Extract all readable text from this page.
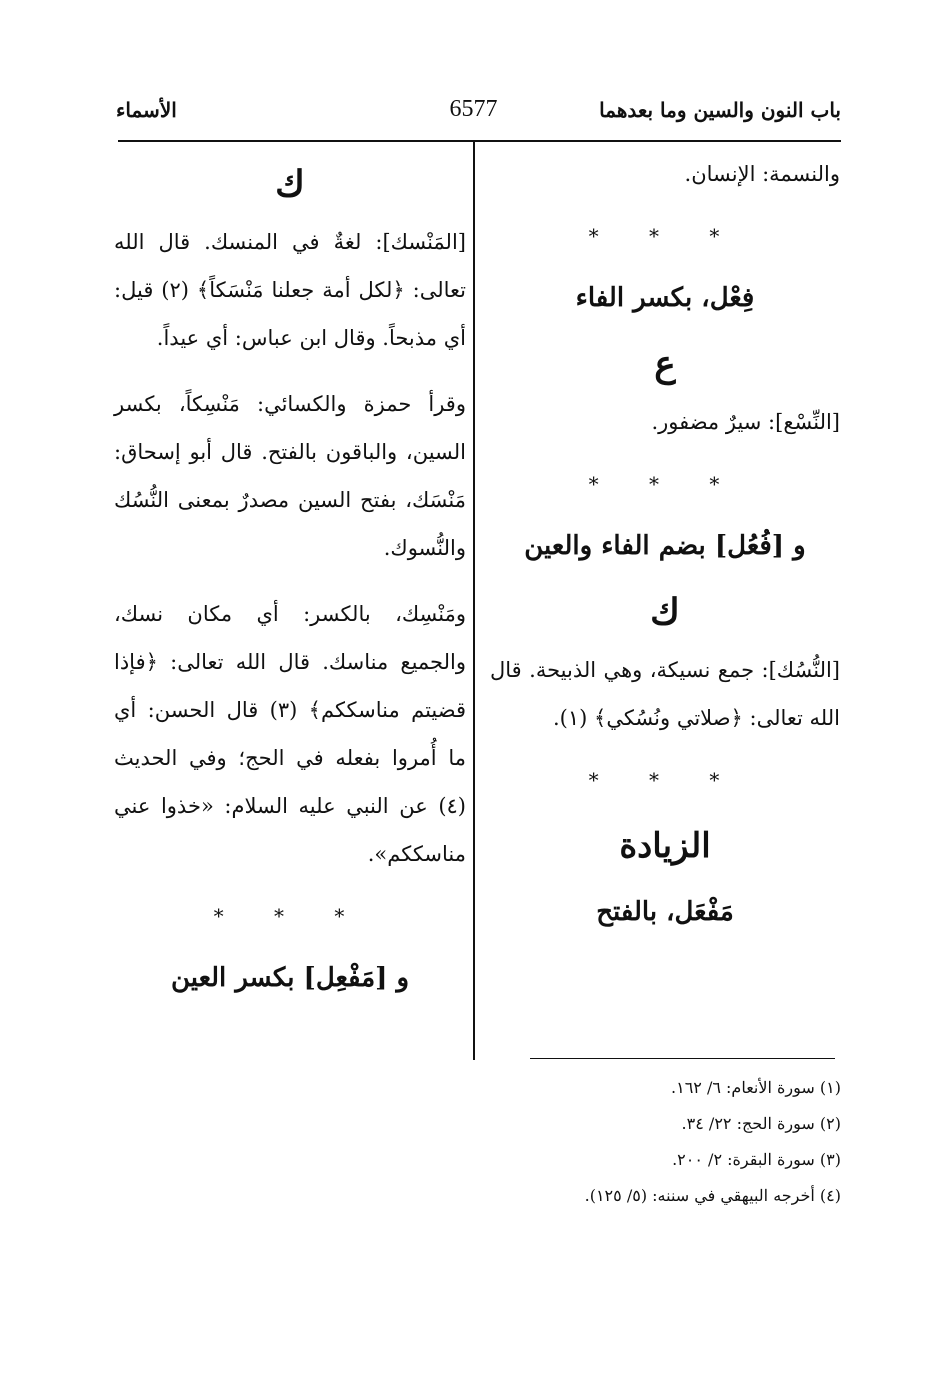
باب النون والسين وما بعدهما
6577
الأسماء

والنسمة: الإنسان.

* * *
فِعْل، بكسر الفاء
ع

[النِّسْع]: سيرٌ مضفور.

* * *
و [فُعُل] بضم الفاء والعين
ك

[النُّسُك]: جمع نسيكة، وهي الذبيحة. قال الله تعالى: ﴿صلاتي ونُسُكي﴾ (١).

* * *
الزيادة
مَفْعَل، بالفتح
ك

[المَنْسك]: لغةٌ في المنسك. قال الله تعالى: ﴿لكل أمة جعلنا مَنْسَكاً﴾ (٢) قيل: أي مذبحاً. وقال ابن عباس: أي عيداً.

وقرأ حمزة والكسائي: مَنْسِكاً، بكسر السين، والباقون بالفتح. قال أبو إسحاق: مَنْسَك، بفتح السين مصدرٌ بمعنى النُّسُك والنُّسوك.

ومَنْسِك، بالكسر: أي مكان نسك، والجميع مناسك. قال الله تعالى: ﴿فإذا قضيتم مناسككم﴾ (٣) قال الحسن: أي ما أُمروا بفعله في الحج؛ وفي الحديث (٤) عن النبي عليه السلام: «خذوا عني مناسككم».

* * *
و [مَفْعِل] بكسر العين

(١) سورة الأنعام: ٦/ ١٦٢.

(٢) سورة الحج: ٢٢/ ٣٤.

(٣) سورة البقرة: ٢/ ٢٠٠.

(٤) أخرجه البيهقي في سننه: (٥/ ١٢٥).
